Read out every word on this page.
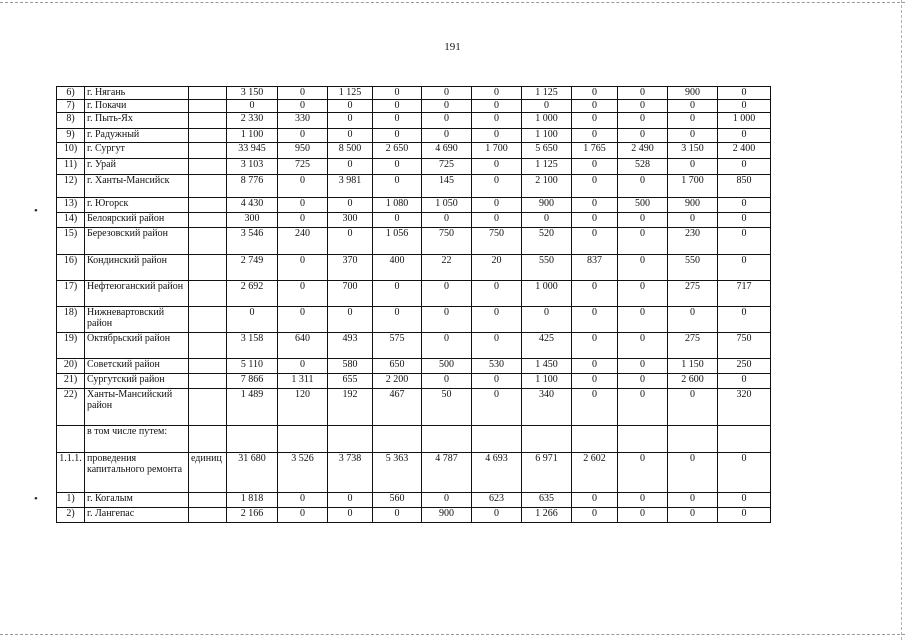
191
•
•
6)	г. Нягань		3 150	0	1 125	0	0	0	1 125	0	0	900	0
7)	г. Покачи		0	0	0	0	0	0	0	0	0	0	0
8)	г. Пыть-Ях		2 330	330	0	0	0	0	1 000	0	0	0	1 000
9)	г. Радужный		1 100	0	0	0	0	0	1 100	0	0	0	0
10)	г. Сургут		33 945	950	8 500	2 650	4 690	1 700	5 650	1 765	2 490	3 150	2 400
11)	г. Урай		3 103	725	0	0	725	0	1 125	0	528	0	0
12)	г. Ханты-Мансийск		8 776	0	3 981	0	145	0	2 100	0	0	1 700	850
13)	г. Югорск		4 430	0	0	1 080	1 050	0	900	0	500	900	0
14)	Белоярский район		300	0	300	0	0	0	0	0	0	0	0
15)	Березовский район		3 546	240	0	1 056	750	750	520	0	0	230	0
16)	Кондинский район		2 749	0	370	400	22	20	550	837	0	550	0
17)	Нефтеюганский район		2 692	0	700	0	0	0	1 000	0	0	275	717
18)	Нижневартовский район		0	0	0	0	0	0	0	0	0	0	0
19)	Октябрьский район		3 158	640	493	575	0	0	425	0	0	275	750
20)	Советский район		5 110	0	580	650	500	530	1 450	0	0	1 150	250
21)	Сургутский район		7 866	1 311	655	2 200	0	0	1 100	0	0	2 600	0
22)	Ханты-Мансийский район		1 489	120	192	467	50	0	340	0	0	0	320
	в том числе путем:												
1.1.1.	проведения капитального ремонта	единиц	31 680	3 526	3 738	5 363	4 787	4 693	6 971	2 602	0	0	0
1)	г. Когалым		1 818	0	0	560	0	623	635	0	0	0	0
2)	г. Лангепас		2 166	0	0	0	900	0	1 266	0	0	0	0
